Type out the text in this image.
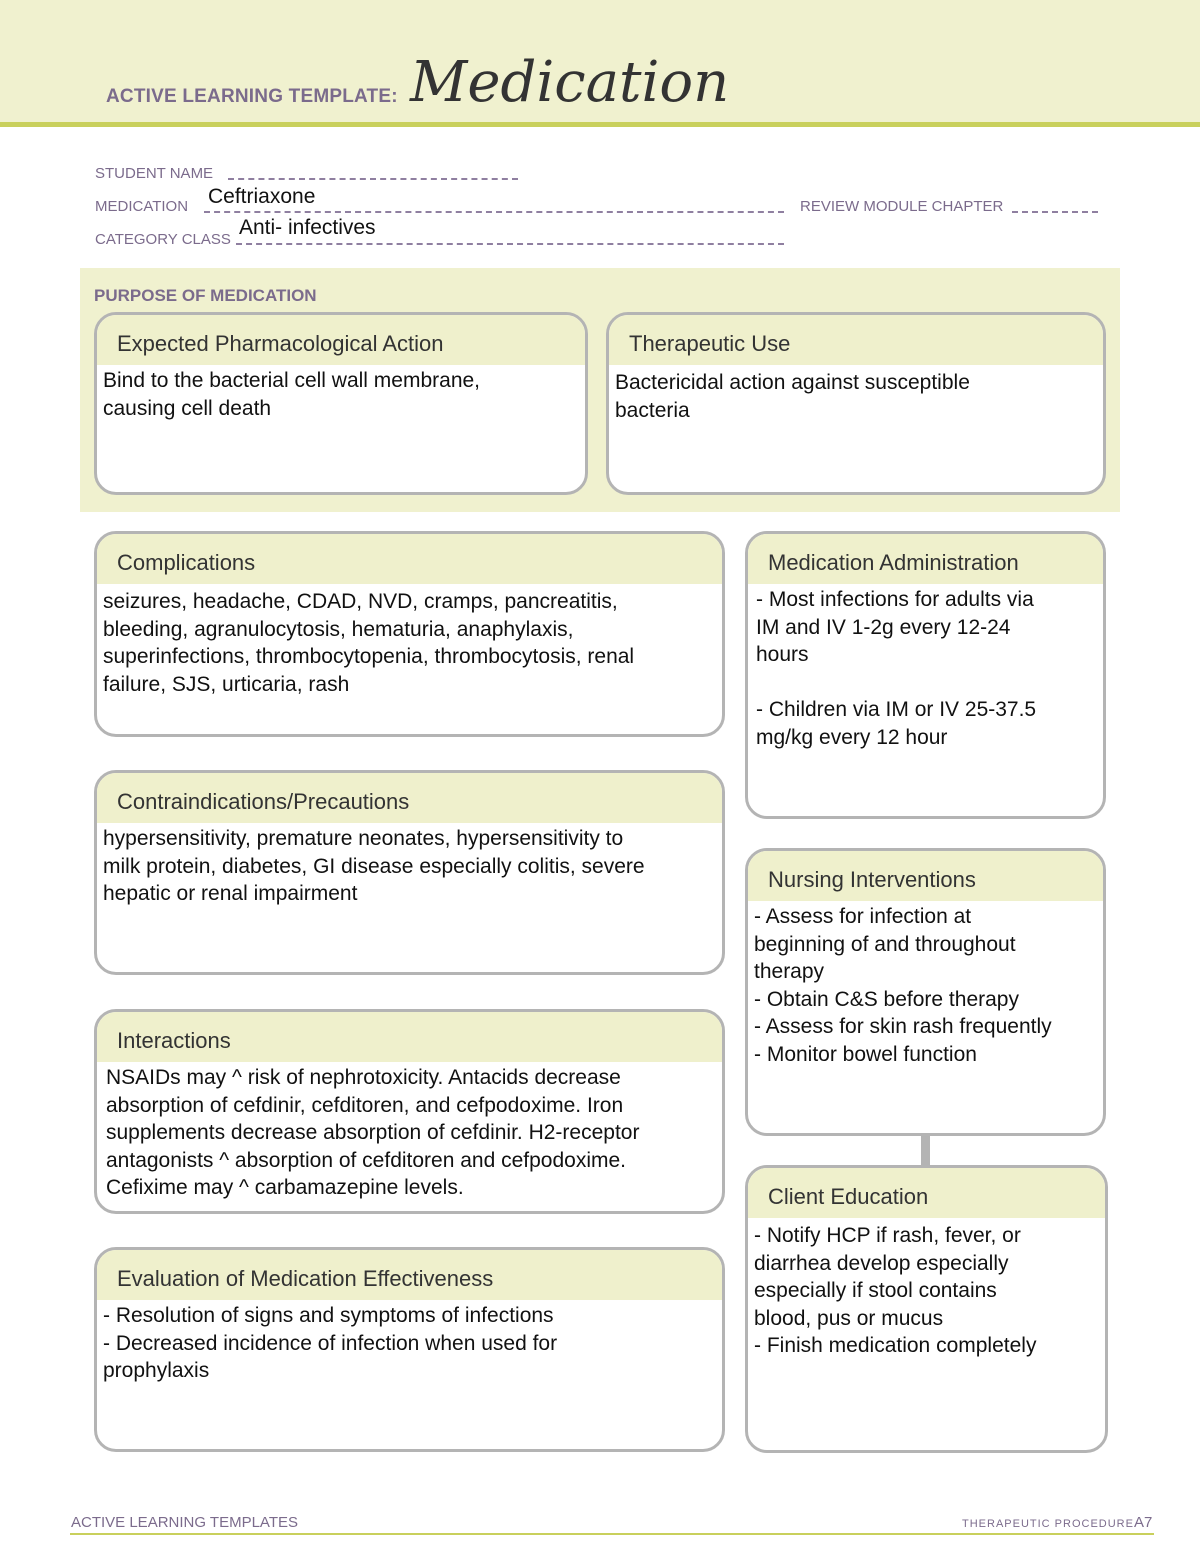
ACTIVE LEARNING TEMPLATE: Medication
STUDENT NAME
MEDICATION Ceftriaxone	REVIEW MODULE CHAPTER
CATEGORY CLASS
Anti- infectives
PURPOSE OF MEDICATION
Expected Pharmacological Action
Bind to the bacterial cell wall membrane,
causing cell death
Therapeutic Use
Bactericidal action against susceptible
bacteria
Complications
seizures, headache, CDAD, NVD, cramps, pancreatitis,
bleeding, agranulocytosis, hematuria, anaphylaxis,
superinfections, thrombocytopenia, thrombocytosis, renal
failure, SJS, urticaria, rash
Contraindications/Precautions
hypersensitivity, premature neonates, hypersensitivity to
milk protein, diabetes, GI disease especially colitis, severe
hepatic or renal impairment
Interactions
NSAIDs may ^ risk of nephrotoxicity. Antacids decrease
absorption of cefdinir, cefditoren, and cefpodoxime. Iron
supplements decrease absorption of cefdinir. H2-receptor
antagonists ^ absorption of cefditoren and cefpodoxime.
Cefixime may ^ carbamazepine levels.
Evaluation of Medication Effectiveness
- Resolution of signs and symptoms of infections
- Decreased incidence of infection when used for
prophylaxis
Medication Administration
- Most infections for adults via
IM and IV 1-2g every 12-24
hours

- Children via IM or IV 25-37.5
mg/kg every 12 hour
Nursing Interventions
- Assess for infection at
beginning of and throughout
therapy
- Obtain C&S before therapy
- Assess for skin rash frequently
- Monitor bowel function
Client Education
- Notify HCP if rash, fever, or
diarrhea develop especially
especially if stool contains
blood, pus or mucus
- Finish medication completely
ACTIVE LEARNING TEMPLATES	THERAPEUTIC PROCEDURE A7
